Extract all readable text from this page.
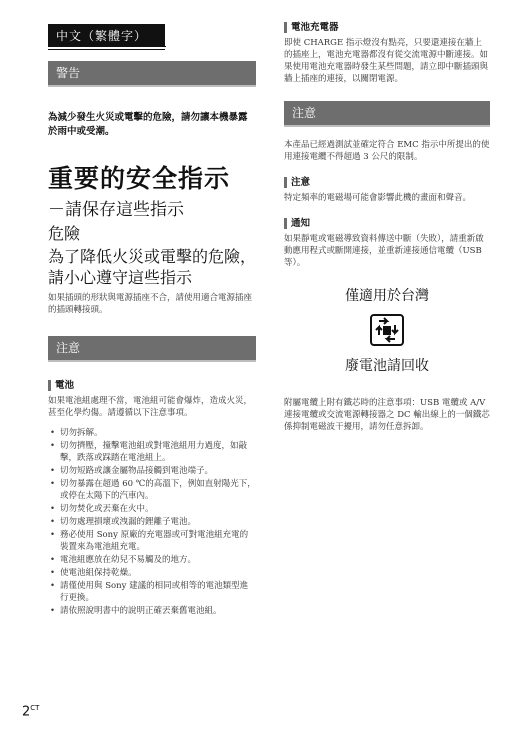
中文（繁體字）
警告

為減少發生火災或電擊的危險，請勿讓本機暴露於雨中或受潮。

重要的安全指示
－請保存這些指示
危險
為了降低火災或電擊的危險，請小心遵守這些指示
如果插頭的形狀與電源插座不合，請使用適合電源插座的插頭轉接頭。
注意
電池
如果電池組處理不當，電池組可能會爆炸，造成火災，甚至化學灼傷。請遵循以下注意事項。
• 切勿拆解。
• 切勿擠壓，撞擊電池組或對電池組用力過度，如敲擊，跌落或踩踏在電池組上。
• 切勿短路或讓金屬物品接觸到電池端子。
• 切勿暴露在超過 60 ℃的高溫下，例如直射陽光下，或停在太陽下的汽車內。
• 切勿焚化或丟棄在火中。
• 切勿處理損壞或洩漏的鋰離子電池。
• 務必使用 Sony 原廠的充電器或可對電池組充電的裝置來為電池組充電。
• 電池組應放在幼兒不易觸及的地方。
• 使電池組保持乾燥。
• 請僅使用與 Sony 建議的相同或相等的電池類型進行更換。
• 請依照說明書中的說明正確丟棄舊電池組。
電池充電器
即使 CHARGE 指示燈沒有點亮，只要還連接在牆上的插座上，電池充電器都沒有從交流電源中斷連接。如果使用電池充電器時發生某些問題，請立即中斷插頭與牆上插座的連接，以關閉電源。
注意
本產品已經過測試並確定符合 EMC 指示中所提出的使用連接電纜不得超過 3 公尺的限制。
注意
特定頻率的電磁場可能會影響此機的畫面和聲音。
通知
如果靜電或電磁導致資料傳送中斷（失敗），請重新啟動應用程式或斷開連接，並重新連接通信電纜（USB 等）。
僅適用於台灣
廢電池請回收
附屬電纜上附有鐵芯時的注意事項：USB 電纜或 A/V 連接電纜或交流電源轉接器之 DC 輸出線上的一個鐵芯係抑制電磁波干擾用，請勿任意拆卸。
$2^{CT}$
